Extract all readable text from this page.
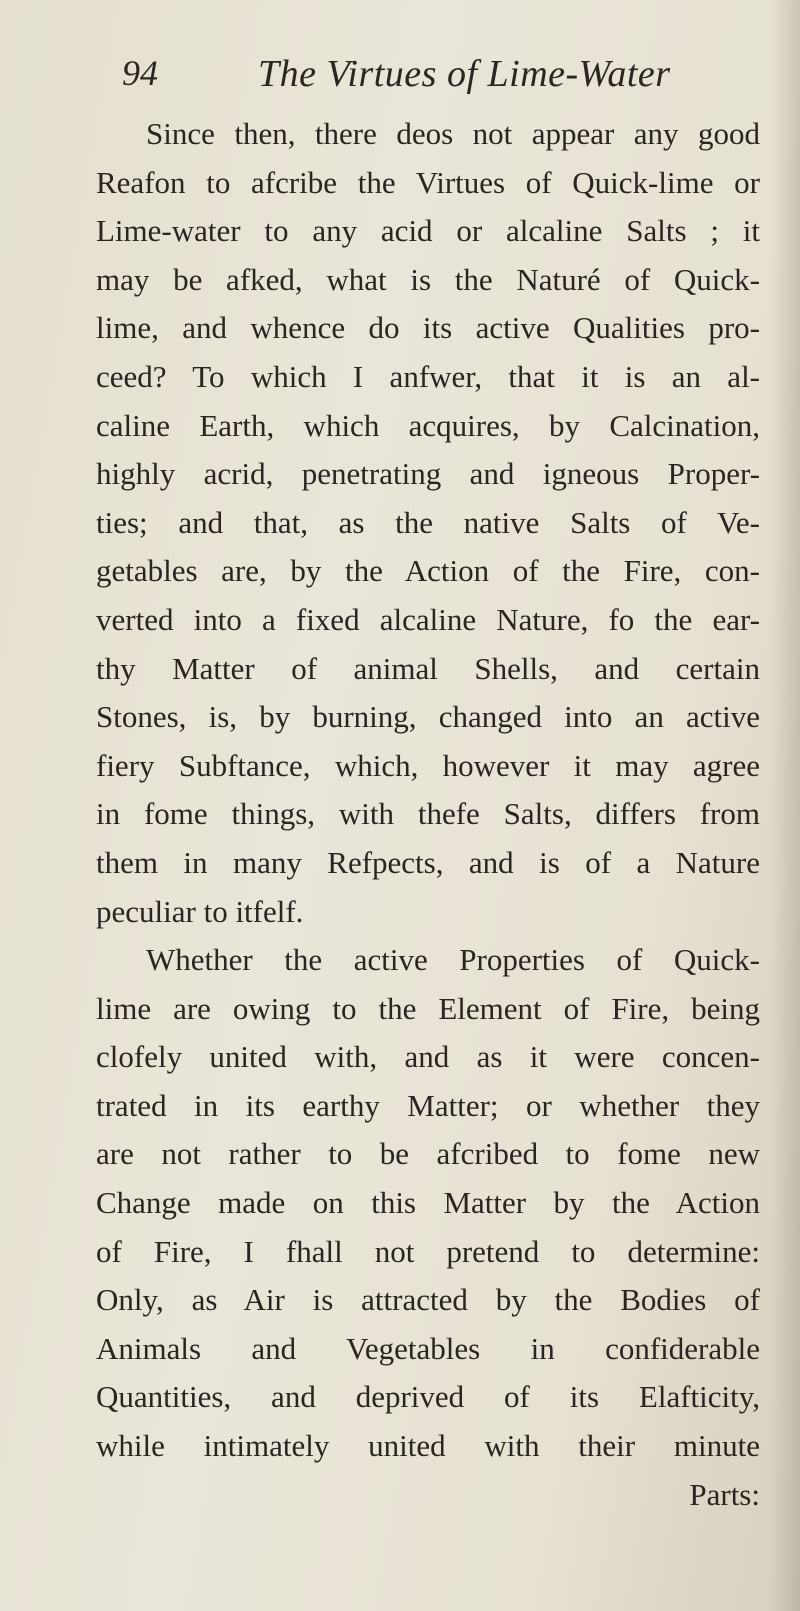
94	The Virtues of Lime-Water
Since then, there deos not appear any good
Reafon to afcribe the Virtues of Quick-lime or
Lime-water to any acid or alcaline Salts ; it
may be afked, what is the Naturé of Quick-
lime, and whence do its active Qualities pro-
ceed? To which I anfwer, that it is an al-
caline Earth, which acquires, by Calcination,
highly acrid, penetrating and igneous Proper-
ties; and that, as the native Salts of Ve-
getables are, by the Action of the Fire, con-
verted into a fixed alcaline Nature, fo the ear-
thy Matter of animal Shells, and certain
Stones, is, by burning, changed into an active
fiery Subftance, which, however it may agree
in fome things, with thefe Salts, differs from
them in many Refpects, and is of a Nature
peculiar to itfelf.
Whether the active Properties of Quick-
lime are owing to the Element of Fire, being
clofely united with, and as it were concen-
trated in its earthy Matter; or whether they
are not rather to be afcribed to fome new
Change made on this Matter by the Action
of Fire, I fhall not pretend to determine:
Only, as Air is attracted by the Bodies of
Animals and Vegetables in confiderable
Quantities, and deprived of its Elafticity,
while intimately united with their minute
Parts:
